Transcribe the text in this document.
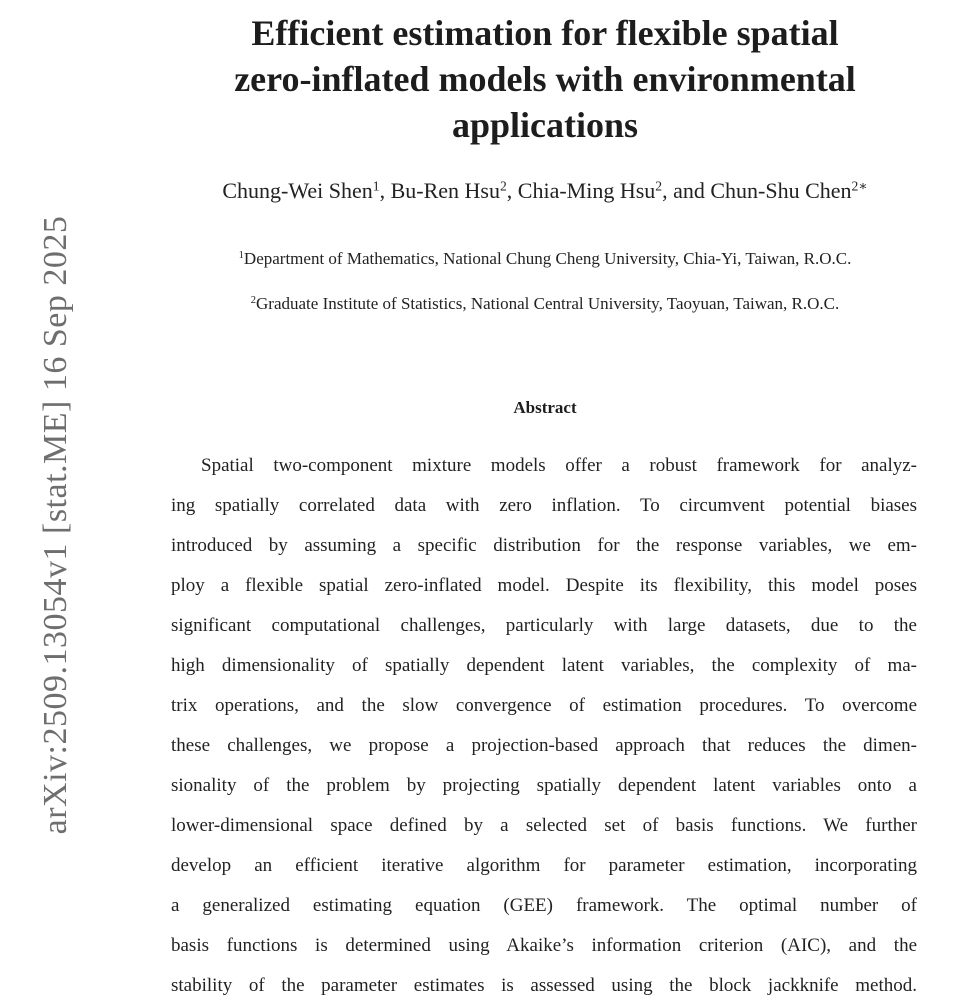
arXiv:2509.13054v1 [stat.ME] 16 Sep 2025
Efficient estimation for flexible spatial
zero-inflated models with environmental
applications
Chung-Wei Shen$^1$, Bu-Ren Hsu$^2$, Chia-Ming Hsu$^2$, and Chun-Shu Chen$^{2∗}$
$^1$Department of Mathematics, National Chung Cheng University, Chia-Yi, Taiwan, R.O.C.
$^2$Graduate Institute of Statistics, National Central University, Taoyuan, Taiwan, R.O.C.
Abstract
Spatial two-component mixture models offer a robust framework for analyz-
ing spatially correlated data with zero inflation. To circumvent potential biases
introduced by assuming a specific distribution for the response variables, we em-
ploy a flexible spatial zero-inflated model. Despite its flexibility, this model poses
significant computational challenges, particularly with large datasets, due to the
high dimensionality of spatially dependent latent variables, the complexity of ma-
trix operations, and the slow convergence of estimation procedures. To overcome
these challenges, we propose a projection-based approach that reduces the dimen-
sionality of the problem by projecting spatially dependent latent variables onto a
lower-dimensional space defined by a selected set of basis functions. We further
develop an efficient iterative algorithm for parameter estimation, incorporating
a generalized estimating equation (GEE) framework. The optimal number of
basis functions is determined using Akaike’s information criterion (AIC), and the
stability of the parameter estimates is assessed using the block jackknife method.
